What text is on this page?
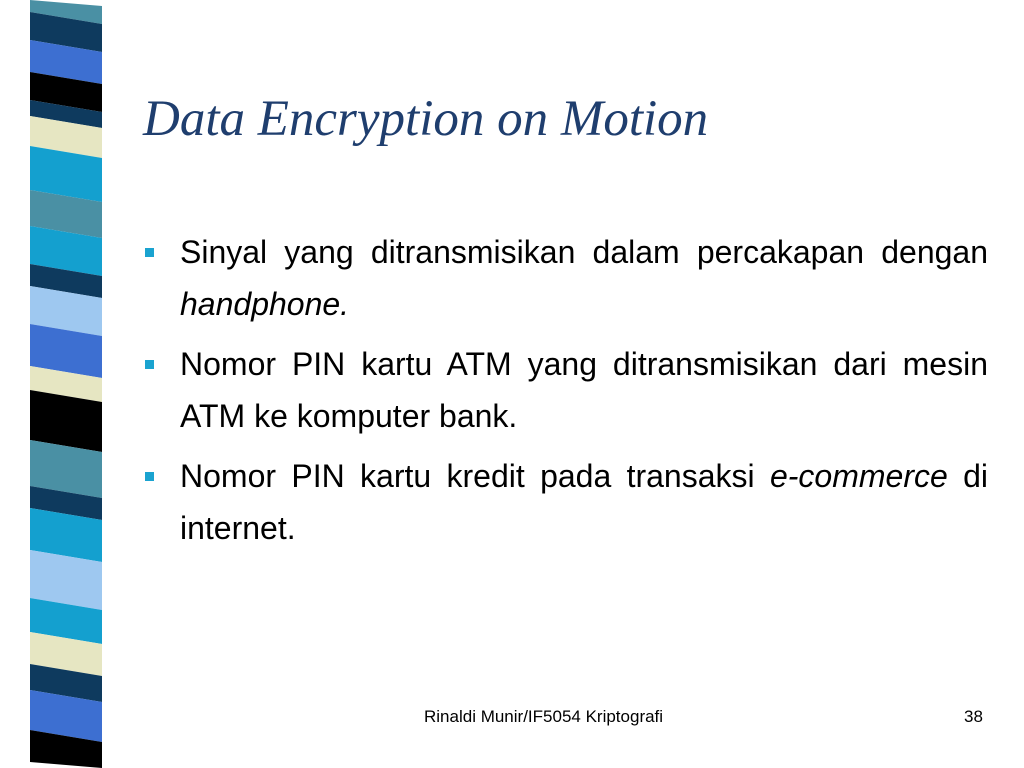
Data Encryption on Motion
Sinyal yang ditransmisikan dalam percakapan dengan handphone.
Nomor PIN kartu ATM yang ditransmisikan dari mesin ATM ke komputer bank.
Nomor PIN kartu kredit pada transaksi e-commerce di internet.
Rinaldi Munir/IF5054 Kriptografi	38
